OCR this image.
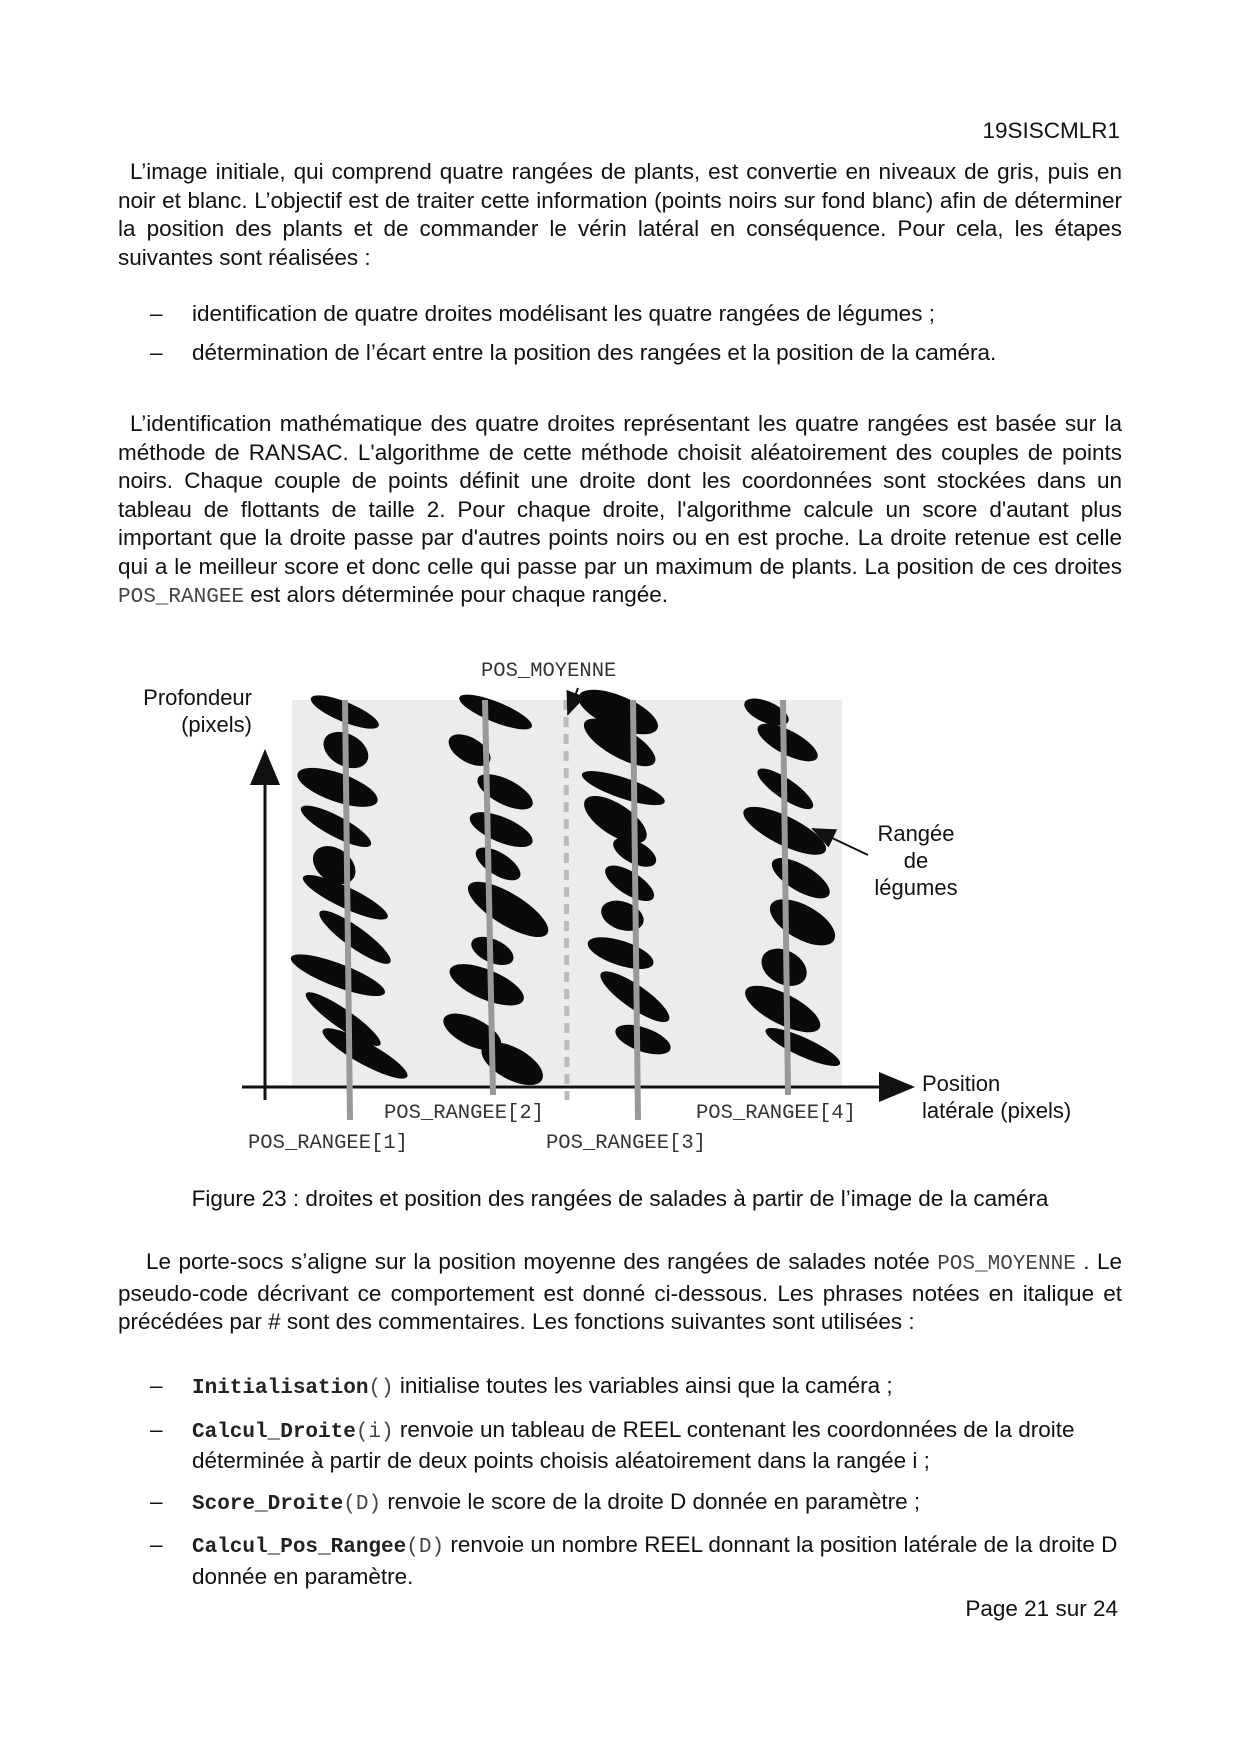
19SISCMLR1

L’image initiale, qui comprend quatre rangées de plants, est convertie en niveaux de gris, puis en noir et blanc. L’objectif est de traiter cette information (points noirs sur fond blanc) afin de déterminer la position des plants et de commander le vérin latéral en conséquence. Pour cela, les étapes suivantes sont réalisées :

– identification de quatre droites modélisant les quatre rangées de légumes ;
– détermination de l’écart entre la position des rangées et la position de la caméra.

L’identification mathématique des quatre droites représentant les quatre rangées est basée sur la méthode de RANSAC. L'algorithme de cette méthode choisit aléatoirement des couples de points noirs. Chaque couple de points définit une droite dont les coordonnées sont stockées dans un tableau de flottants de taille 2. Pour chaque droite, l'algorithme calcule un score d'autant plus important que la droite passe par d'autres points noirs ou en est proche. La droite retenue est celle qui a le meilleur score et donc celle qui passe par un maximum de plants. La position de ces droites POS_RANGEE est alors déterminée pour chaque rangée.

Profondeur
(pixels)
Rangée de
légumes
Position
latérale (pixels)
POS_MOYENNE
POS_RANGEE[1]
POS_RANGEE[2]
POS_RANGEE[3]
POS_RANGEE[4]
Figure 23 : droites et position des rangées de salades à partir de l’image de la caméra

Le porte-socs s’aligne sur la position moyenne des rangées de salades notée POS_MOYENNE . Le pseudo-code décrivant ce comportement est donné ci-dessous. Les phrases notées en italique et précédées par # sont des commentaires. Les fonctions suivantes sont utilisées :

– Initialisation() initialise toutes les variables ainsi que la caméra ;
– Calcul_Droite(i) renvoie un tableau de REEL contenant les coordonnées de la droite déterminée à partir de deux points choisis aléatoirement dans la rangée i ;
– Score_Droite(D) renvoie le score de la droite D donnée en paramètre ;
– Calcul_Pos_Rangee(D) renvoie un nombre REEL donnant la position latérale de la droite D donnée en paramètre.
Page 21 sur 24
